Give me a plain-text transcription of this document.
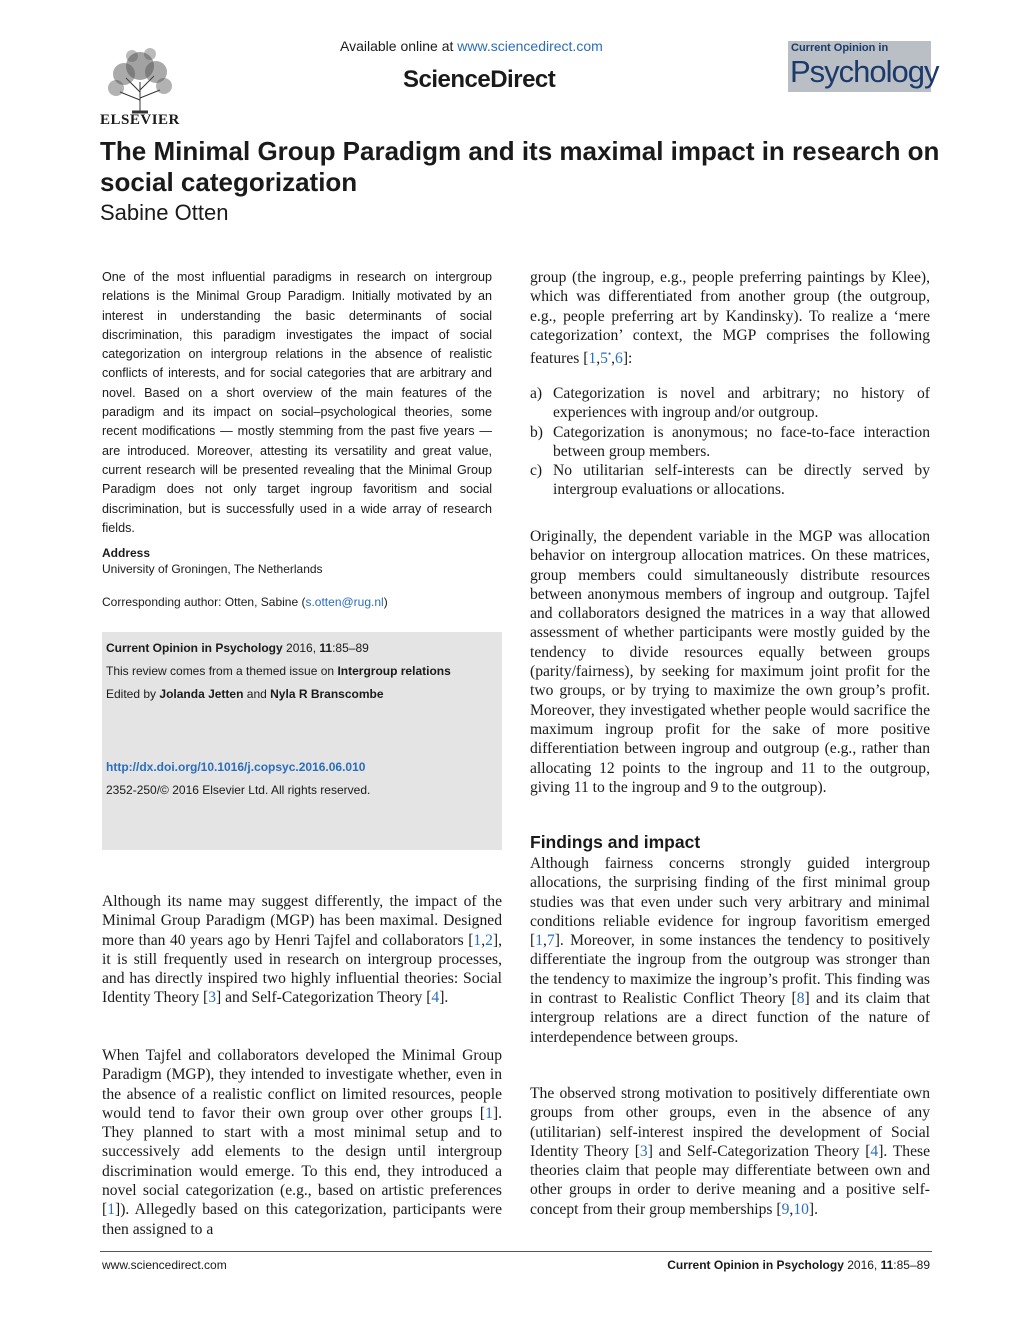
Available online at www.sciencedirect.com
ScienceDirect
ELSEVIER
Current Opinion in
Psychology
The Minimal Group Paradigm and its maximal impact in research on social categorization
Sabine Otten

One of the most influential paradigms in research on intergroup relations is the Minimal Group Paradigm. Initially motivated by an interest in understanding the basic determinants of social discrimination, this paradigm investigates the impact of social categorization on intergroup relations in the absence of realistic conflicts of interests, and for social categories that are arbitrary and novel. Based on a short overview of the main features of the paradigm and its impact on social–psychological theories, some recent modifications — mostly stemming from the past five years — are introduced. Moreover, attesting its versatility and great value, current research will be presented revealing that the Minimal Group Paradigm does not only target ingroup favoritism and social discrimination, but is successfully used in a wide array of research fields.

Address
University of Groningen, The Netherlands
Corresponding author: Otten, Sabine (s.otten@rug.nl)
Current Opinion in Psychology 2016, 11:85–89
This review comes from a themed issue on Intergroup relations
Edited by Jolanda Jetten and Nyla R Branscombe
http://dx.doi.org/10.1016/j.copsyc.2016.06.010
2352-250/© 2016 Elsevier Ltd. All rights reserved.

Although its name may suggest differently, the impact of the Minimal Group Paradigm (MGP) has been maximal. Designed more than 40 years ago by Henri Tajfel and collaborators [1,2], it is still frequently used in research on intergroup processes, and has directly inspired two highly influential theories: Social Identity Theory [3] and Self-Categorization Theory [4].

When Tajfel and collaborators developed the Minimal Group Paradigm (MGP), they intended to investigate whether, even in the absence of a realistic conflict on limited resources, people would tend to favor their own group over other groups [1]. They planned to start with a most minimal setup and to successively add elements to the design until intergroup discrimination would emerge. To this end, they introduced a novel social categorization (e.g., based on artistic preferences [1]). Allegedly based on this categorization, participants were then assigned to a

group (the ingroup, e.g., people preferring paintings by Klee), which was differentiated from another group (the outgroup, e.g., people preferring art by Kandinsky). To realize a ‘mere categorization’ context, the MGP comprises the following features [1,5•,6]:

a) Categorization is novel and arbitrary; no history of experiences with ingroup and/or outgroup.
b) Categorization is anonymous; no face-to-face interaction between group members.
c) No utilitarian self-interests can be directly served by intergroup evaluations or allocations.

Originally, the dependent variable in the MGP was allocation behavior on intergroup allocation matrices. On these matrices, group members could simultaneously distribute resources between anonymous members of ingroup and outgroup. Tajfel and collaborators designed the matrices in a way that allowed assessment of whether participants were mostly guided by the tendency to divide resources equally between groups (parity/fairness), by seeking for maximum joint profit for the two groups, or by trying to maximize the own group’s profit. Moreover, they investigated whether people would sacrifice the maximum ingroup profit for the sake of more positive differentiation between ingroup and outgroup (e.g., rather than allocating 12 points to the ingroup and 11 to the outgroup, giving 11 to the ingroup and 9 to the outgroup).

Findings and impact

Although fairness concerns strongly guided intergroup allocations, the surprising finding of the first minimal group studies was that even under such very arbitrary and minimal conditions reliable evidence for ingroup favoritism emerged [1,7]. Moreover, in some instances the tendency to positively differentiate the ingroup from the outgroup was stronger than the tendency to maximize the ingroup’s profit. This finding was in contrast to Realistic Conflict Theory [8] and its claim that intergroup relations are a direct function of the nature of interdependence between groups.

The observed strong motivation to positively differentiate own groups from other groups, even in the absence of any (utilitarian) self-interest inspired the development of Social Identity Theory [3] and Self-Categorization Theory [4]. These theories claim that people may differentiate between own and other groups in order to derive meaning and a positive self-concept from their group memberships [9,10].

www.sciencedirect.com	Current Opinion in Psychology 2016, 11:85–89
